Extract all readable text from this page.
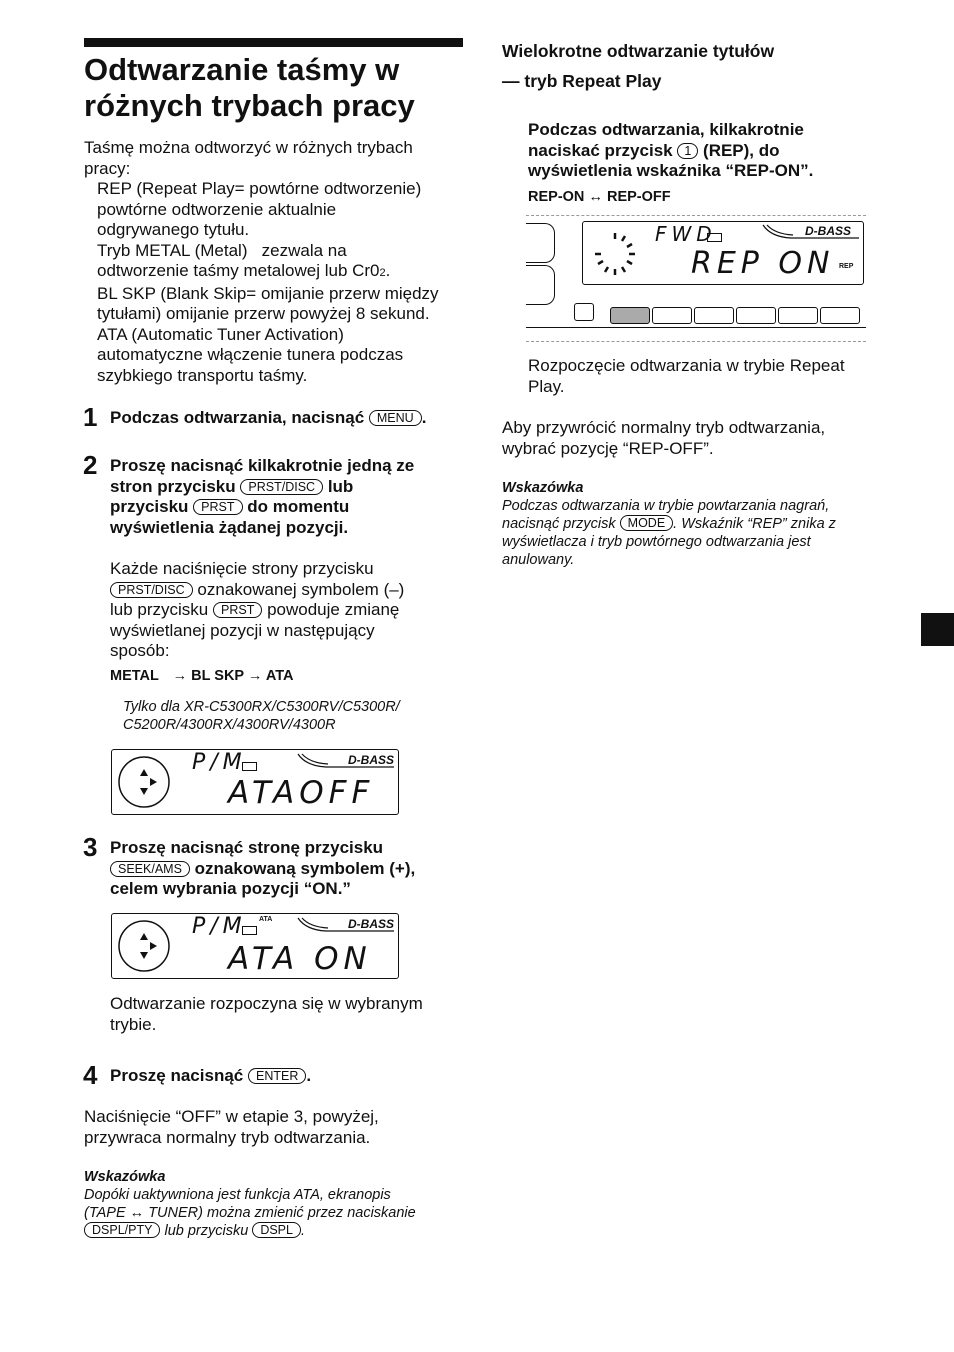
Odtwarzanie taśmy w
różnych trybach pracy
Taśmę można odtworzyć w różnych trybach
pracy:
REP (Repeat Play= powtórne odtworzenie)
powtórne odtworzenie aktualnie
odgrywanego tytułu.
Tryb METAL (Metal)   zezwala na
odtworzenie taśmy metalowej lub Cr02.
BL SKP (Blank Skip= omijanie przerw między
tytułami) omijanie przerw powyżej 8 sekund.
ATA (Automatic Tuner Activation)
automatyczne włączenie tunera podczas
szybkiego transportu taśmy.
1 Podczas odtwarzania, nacisnąć MENU .
2 Proszę nacisnąć kilkakrotnie jedną ze
stron przycisku PRST/DISC lub
przycisku PRST do momentu
wyświetlenia żądanej pozycji.
Każde naciśnięcie strony przycisku
PRST/DISC oznakowanej symbolem (–)
lub przycisku PRST powoduje zmianę
wyświetlanej pozycji w następujący
sposób:
METAL → BL SKP → ATA
Tylko dla XR-C5300RX/C5300RV/C5300R/
C5200R/4300RX/4300RV/4300R
P/M	D-BASS
ATAOFF
3 Proszę nacisnąć stronę przycisku
SEEK/AMS oznakowaną symbolem (+),
celem wybrania pozycji “ON.”
P/M ATA	D-BASS
ATA ON
Odtwarzanie rozpoczyna się w wybranym
trybie.
4 Proszę nacisnąć ENTER .
Naciśnięcie “OFF” w etapie 3, powyżej,
przywraca normalny tryb odtwarzania.
Wskazówka
Dopóki uaktywniona jest funkcja ATA, ekranopis
(TAPE ↔ TUNER) można zmienić przez naciskanie
DSPL/PTY lub przycisku DSPL .
Wielokrotne odtwarzanie tytułów
— tryb Repeat Play
Podczas odtwarzania, kilkakrotnie
naciskać przycisk 1 (REP), do
wyświetlenia wskaźnika “REP-ON”.
REP-ON ↔ REP-OFF
FWD	D-BASS
REP ON REP
Rozpoczęcie odtwarzania w trybie Repeat
Play.
Aby przywrócić normalny tryb odtwarzania,
wybrać pozycję “REP-OFF”.
Wskazówka
Podczas odtwarzania w trybie powtarzania nagrań,
nacisnąć przycisk MODE . Wskaźnik “REP” znika z
wyświetlacza i tryb powtórnego odtwarzania jest
anulowany.
